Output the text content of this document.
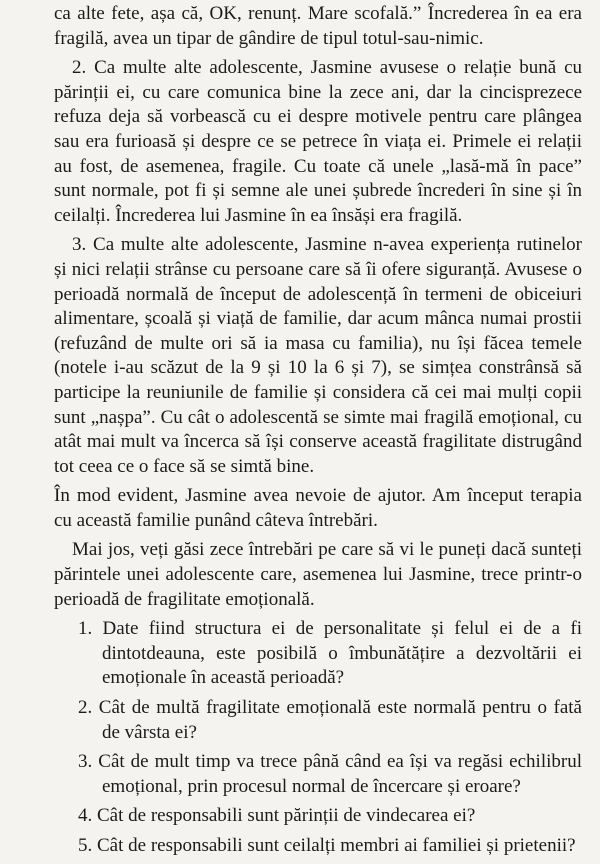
ca alte fete, așa că, OK, renunț. Mare scofală.” Încrederea în ea era fragilă, avea un tipar de gândire de tipul totul-sau-nimic.

2. Ca multe alte adolescente, Jasmine avusese o relație bună cu părinții ei, cu care comunica bine la zece ani, dar la cincisprezece refuza deja să vorbească cu ei despre motivele pentru care plângea sau era furioasă și despre ce se petrece în viața ei. Primele ei relații au fost, de asemenea, fragile. Cu toate că unele „lasă-mă în pace” sunt normale, pot fi și semne ale unei șubrede încrederi în sine și în ceilalți. Încrederea lui Jasmine în ea însăși era fragilă.

3. Ca multe alte adolescente, Jasmine n-avea experiența rutinelor și nici relații strânse cu persoane care să îi ofere siguranță. Avusese o perioadă normală de început de adolescență în termeni de obiceiuri alimentare, școală și viață de familie, dar acum mânca numai prostii (refuzând de multe ori să ia masa cu familia), nu își făcea temele (notele i-au scăzut de la 9 și 10 la 6 și 7), se simțea constrânsă să participe la reuniunile de familie și considera că cei mai mulți copii sunt „nașpa”. Cu cât o adolescentă se simte mai fragilă emoțional, cu atât mai mult va încerca să își conserve această fragilitate distrugând tot ceea ce o face să se simtă bine.

În mod evident, Jasmine avea nevoie de ajutor. Am început terapia cu această familie punând câteva întrebări.

Mai jos, veți găsi zece întrebări pe care să vi le puneți dacă sunteți părintele unei adolescente care, asemenea lui Jasmine, trece printr-o perioadă de fragilitate emoțională.

1. Date fiind structura ei de personalitate și felul ei de a fi dintotdeauna, este posibilă o îmbunătățire a dezvoltării ei emoționale în această perioadă?

2. Cât de multă fragilitate emoțională este normală pentru o fată de vârsta ei?

3. Cât de mult timp va trece până când ea își va regăsi echilibrul emoțional, prin procesul normal de încercare și eroare?

4. Cât de responsabili sunt părinții de vindecarea ei?

5. Cât de responsabili sunt ceilalți membri ai familiei și prietenii?
